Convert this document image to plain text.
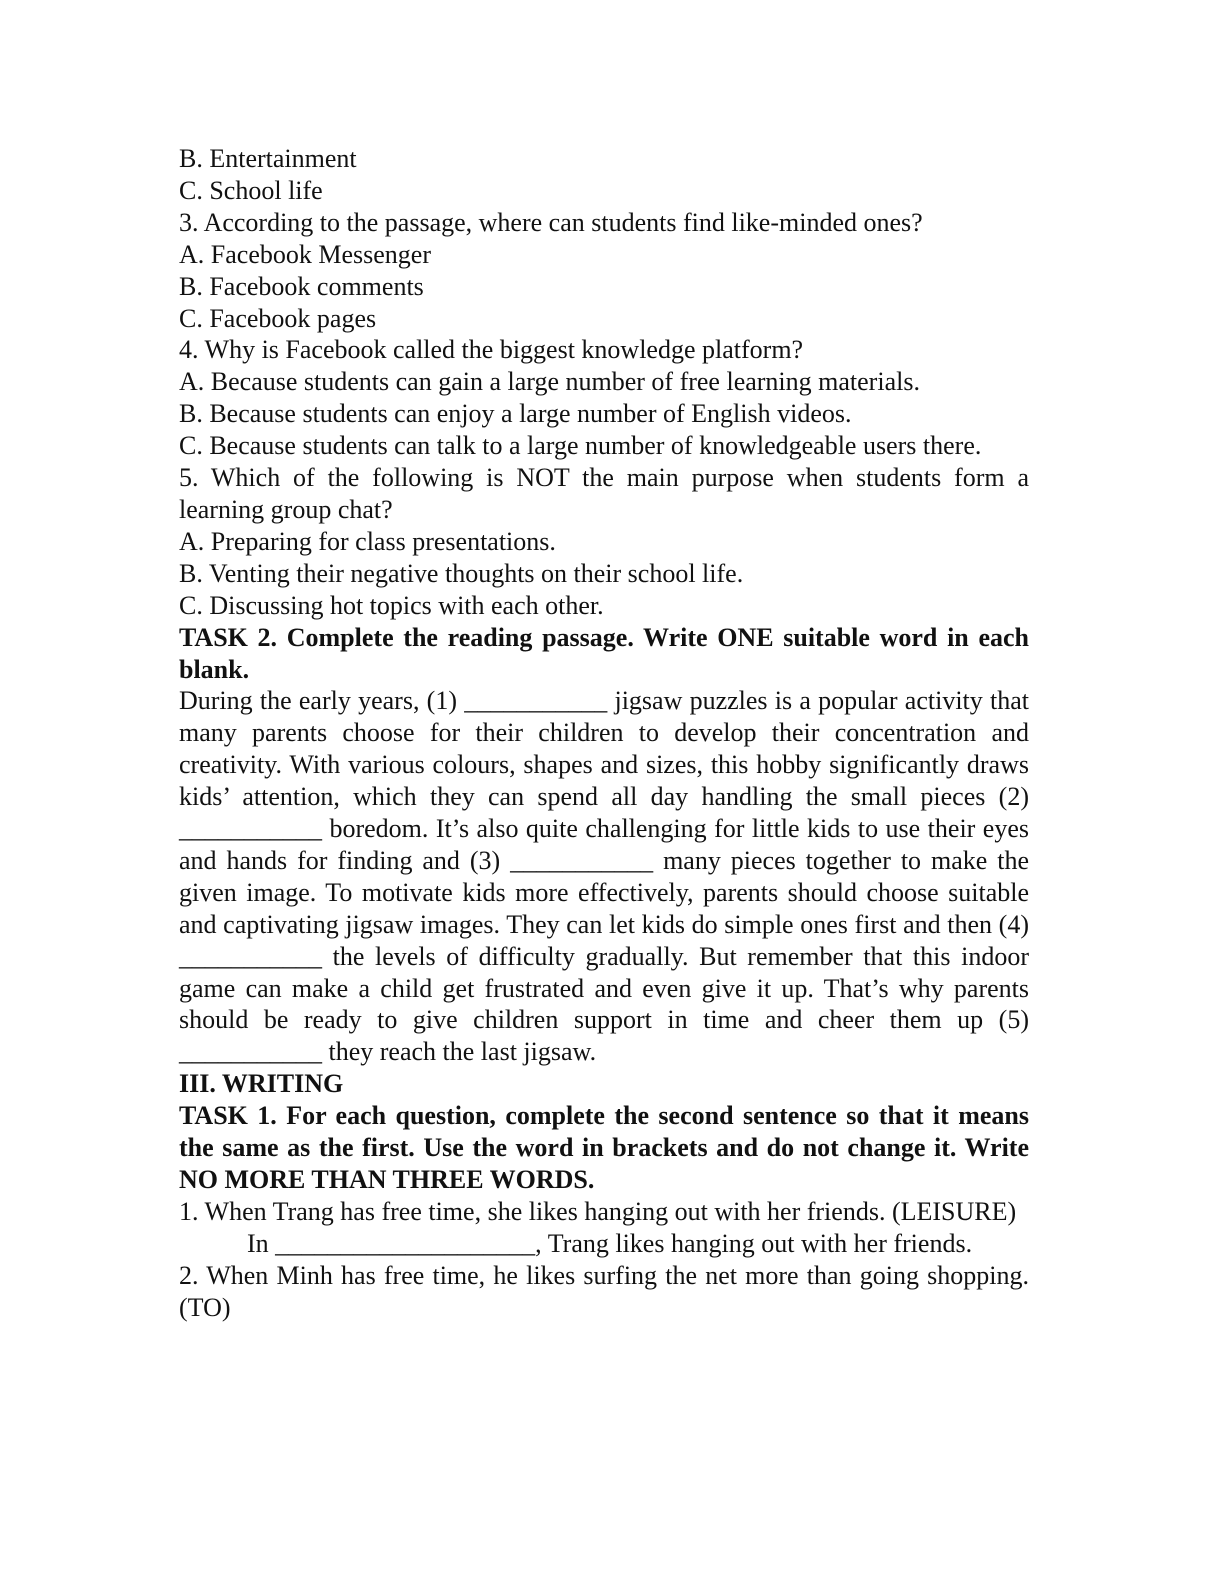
B. Entertainment
C. School life
3. According to the passage, where can students find like-minded ones?
A. Facebook Messenger
B. Facebook comments
C. Facebook pages
4. Why is Facebook called the biggest knowledge platform?
A. Because students can gain a large number of free learning materials.
B. Because students can enjoy a large number of English videos.
C. Because students can talk to a large number of knowledgeable users there.
5. Which of the following is NOT the main purpose when students form a learning group chat?
A. Preparing for class presentations.
B. Venting their negative thoughts on their school life.
C. Discussing hot topics with each other.
TASK 2. Complete the reading passage. Write ONE suitable word in each blank.
During the early years, (1) ___________ jigsaw puzzles is a popular activity that many parents choose for their children to develop their concentration and creativity. With various colours, shapes and sizes, this hobby significantly draws kids’ attention, which they can spend all day handling the small pieces (2) ___________ boredom. It’s also quite challenging for little kids to use their eyes and hands for finding and (3) ___________ many pieces together to make the given image. To motivate kids more effectively, parents should choose suitable and captivating jigsaw images. They can let kids do simple ones first and then (4) ___________ the levels of difficulty gradually. But remember that this indoor game can make a child get frustrated and even give it up. That’s why parents should be ready to give children support in time and cheer them up (5) ___________ they reach the last jigsaw.
III. WRITING
TASK 1. For each question, complete the second sentence so that it means the same as the first. Use the word in brackets and do not change it. Write NO MORE THAN THREE WORDS.
1. When Trang has free time, she likes hanging out with her friends. (LEISURE)
In ____________________, Trang likes hanging out with her friends.
2. When Minh has free time, he likes surfing the net more than going shopping. (TO)
